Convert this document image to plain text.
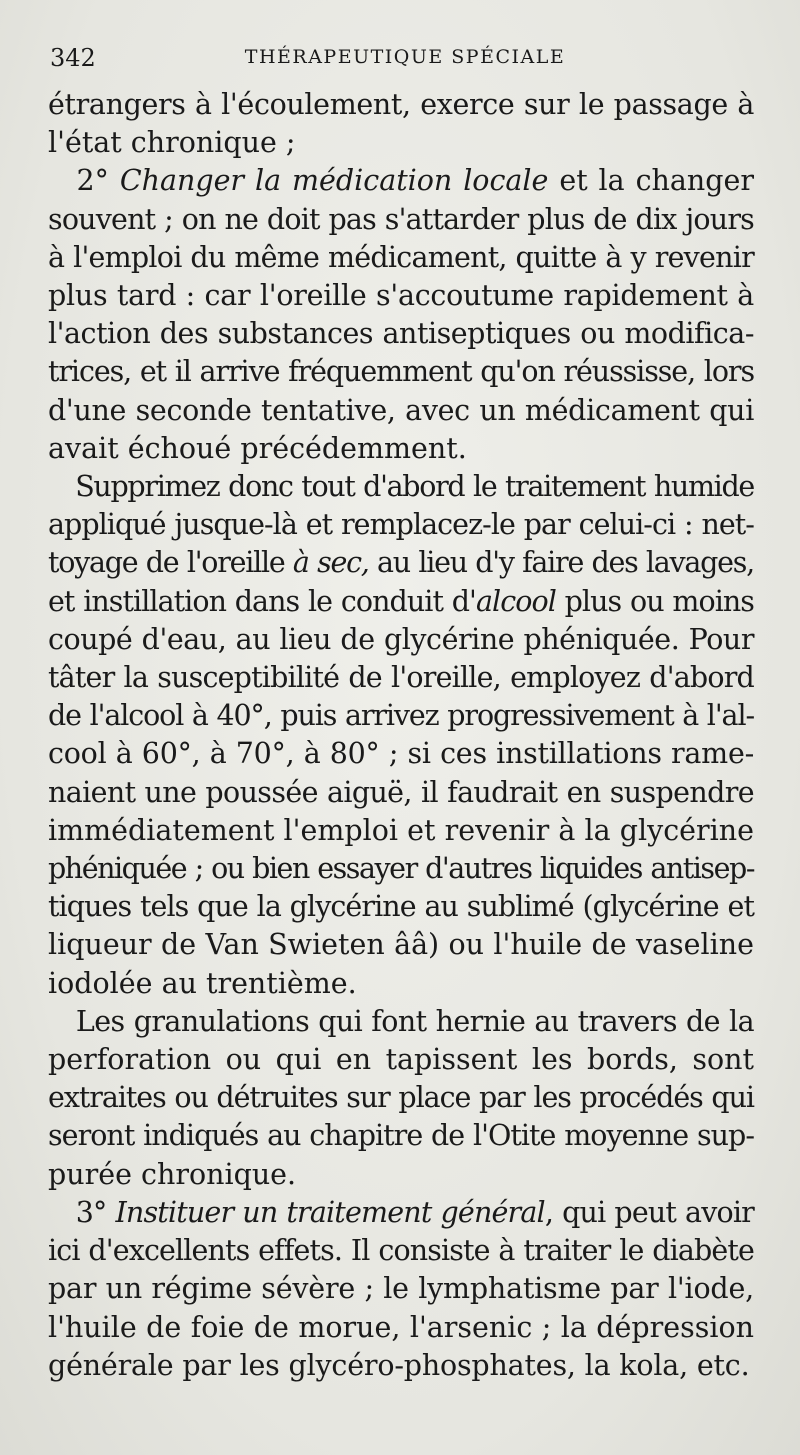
342	THÉRAPEUTIQUE SPÉCIALE

étrangers à l'écoulement, exerce sur le passage à
l'état chronique ;

 2° Changer la médication locale et la changer
souvent ; on ne doit pas s'attarder plus de dix jours
à l'emploi du même médicament, quitte à y revenir
plus tard : car l'oreille s'accoutume rapidement à
l'action des substances antiseptiques ou modifica-
trices, et il arrive fréquemment qu'on réussisse, lors
d'une seconde tentative, avec un médicament qui
avait échoué précédemment.

 Supprimez donc tout d'abord le traitement humide
appliqué jusque-là et remplacez-le par celui-ci : net-
toyage de l'oreille à sec, au lieu d'y faire des lavages,
et instillation dans le conduit d'alcool plus ou moins
coupé d'eau, au lieu de glycérine phéniquée. Pour
tâter la susceptibilité de l'oreille, employez d'abord
de l'alcool à 40°, puis arrivez progressivement à l'al-
cool à 60°, à 70°, à 80° ; si ces instillations rame-
naient une poussée aiguë, il faudrait en suspendre
immédiatement l'emploi et revenir à la glycérine
phéniquée ; ou bien essayer d'autres liquides antisep-
tiques tels que la glycérine au sublimé (glycérine et
liqueur de Van Swieten ââ) ou l'huile de vaseline
iodolée au trentième.

 Les granulations qui font hernie au travers de la
perforation ou qui en tapissent les bords, sont
extraites ou détruites sur place par les procédés qui
seront indiqués au chapitre de l'Otite moyenne sup-
purée chronique.

 3° Instituer un traitement général, qui peut avoir
ici d'excellents effets. Il consiste à traiter le diabète
par un régime sévère ; le lymphatisme par l'iode,
l'huile de foie de morue, l'arsenic ; la dépression
générale par les glycéro-phosphates, la kola, etc.
